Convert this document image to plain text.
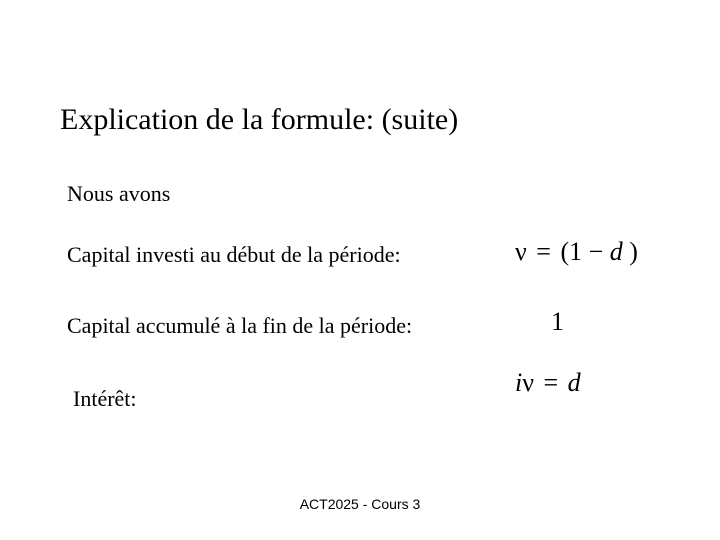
Explication de la formule: (suite)
Nous avons
Capital investi au début de la période:	ν = (1 − d )
Capital accumulé à la fin de la période:	1
Intérêt:
iν = d
ACT2025 - Cours 3
